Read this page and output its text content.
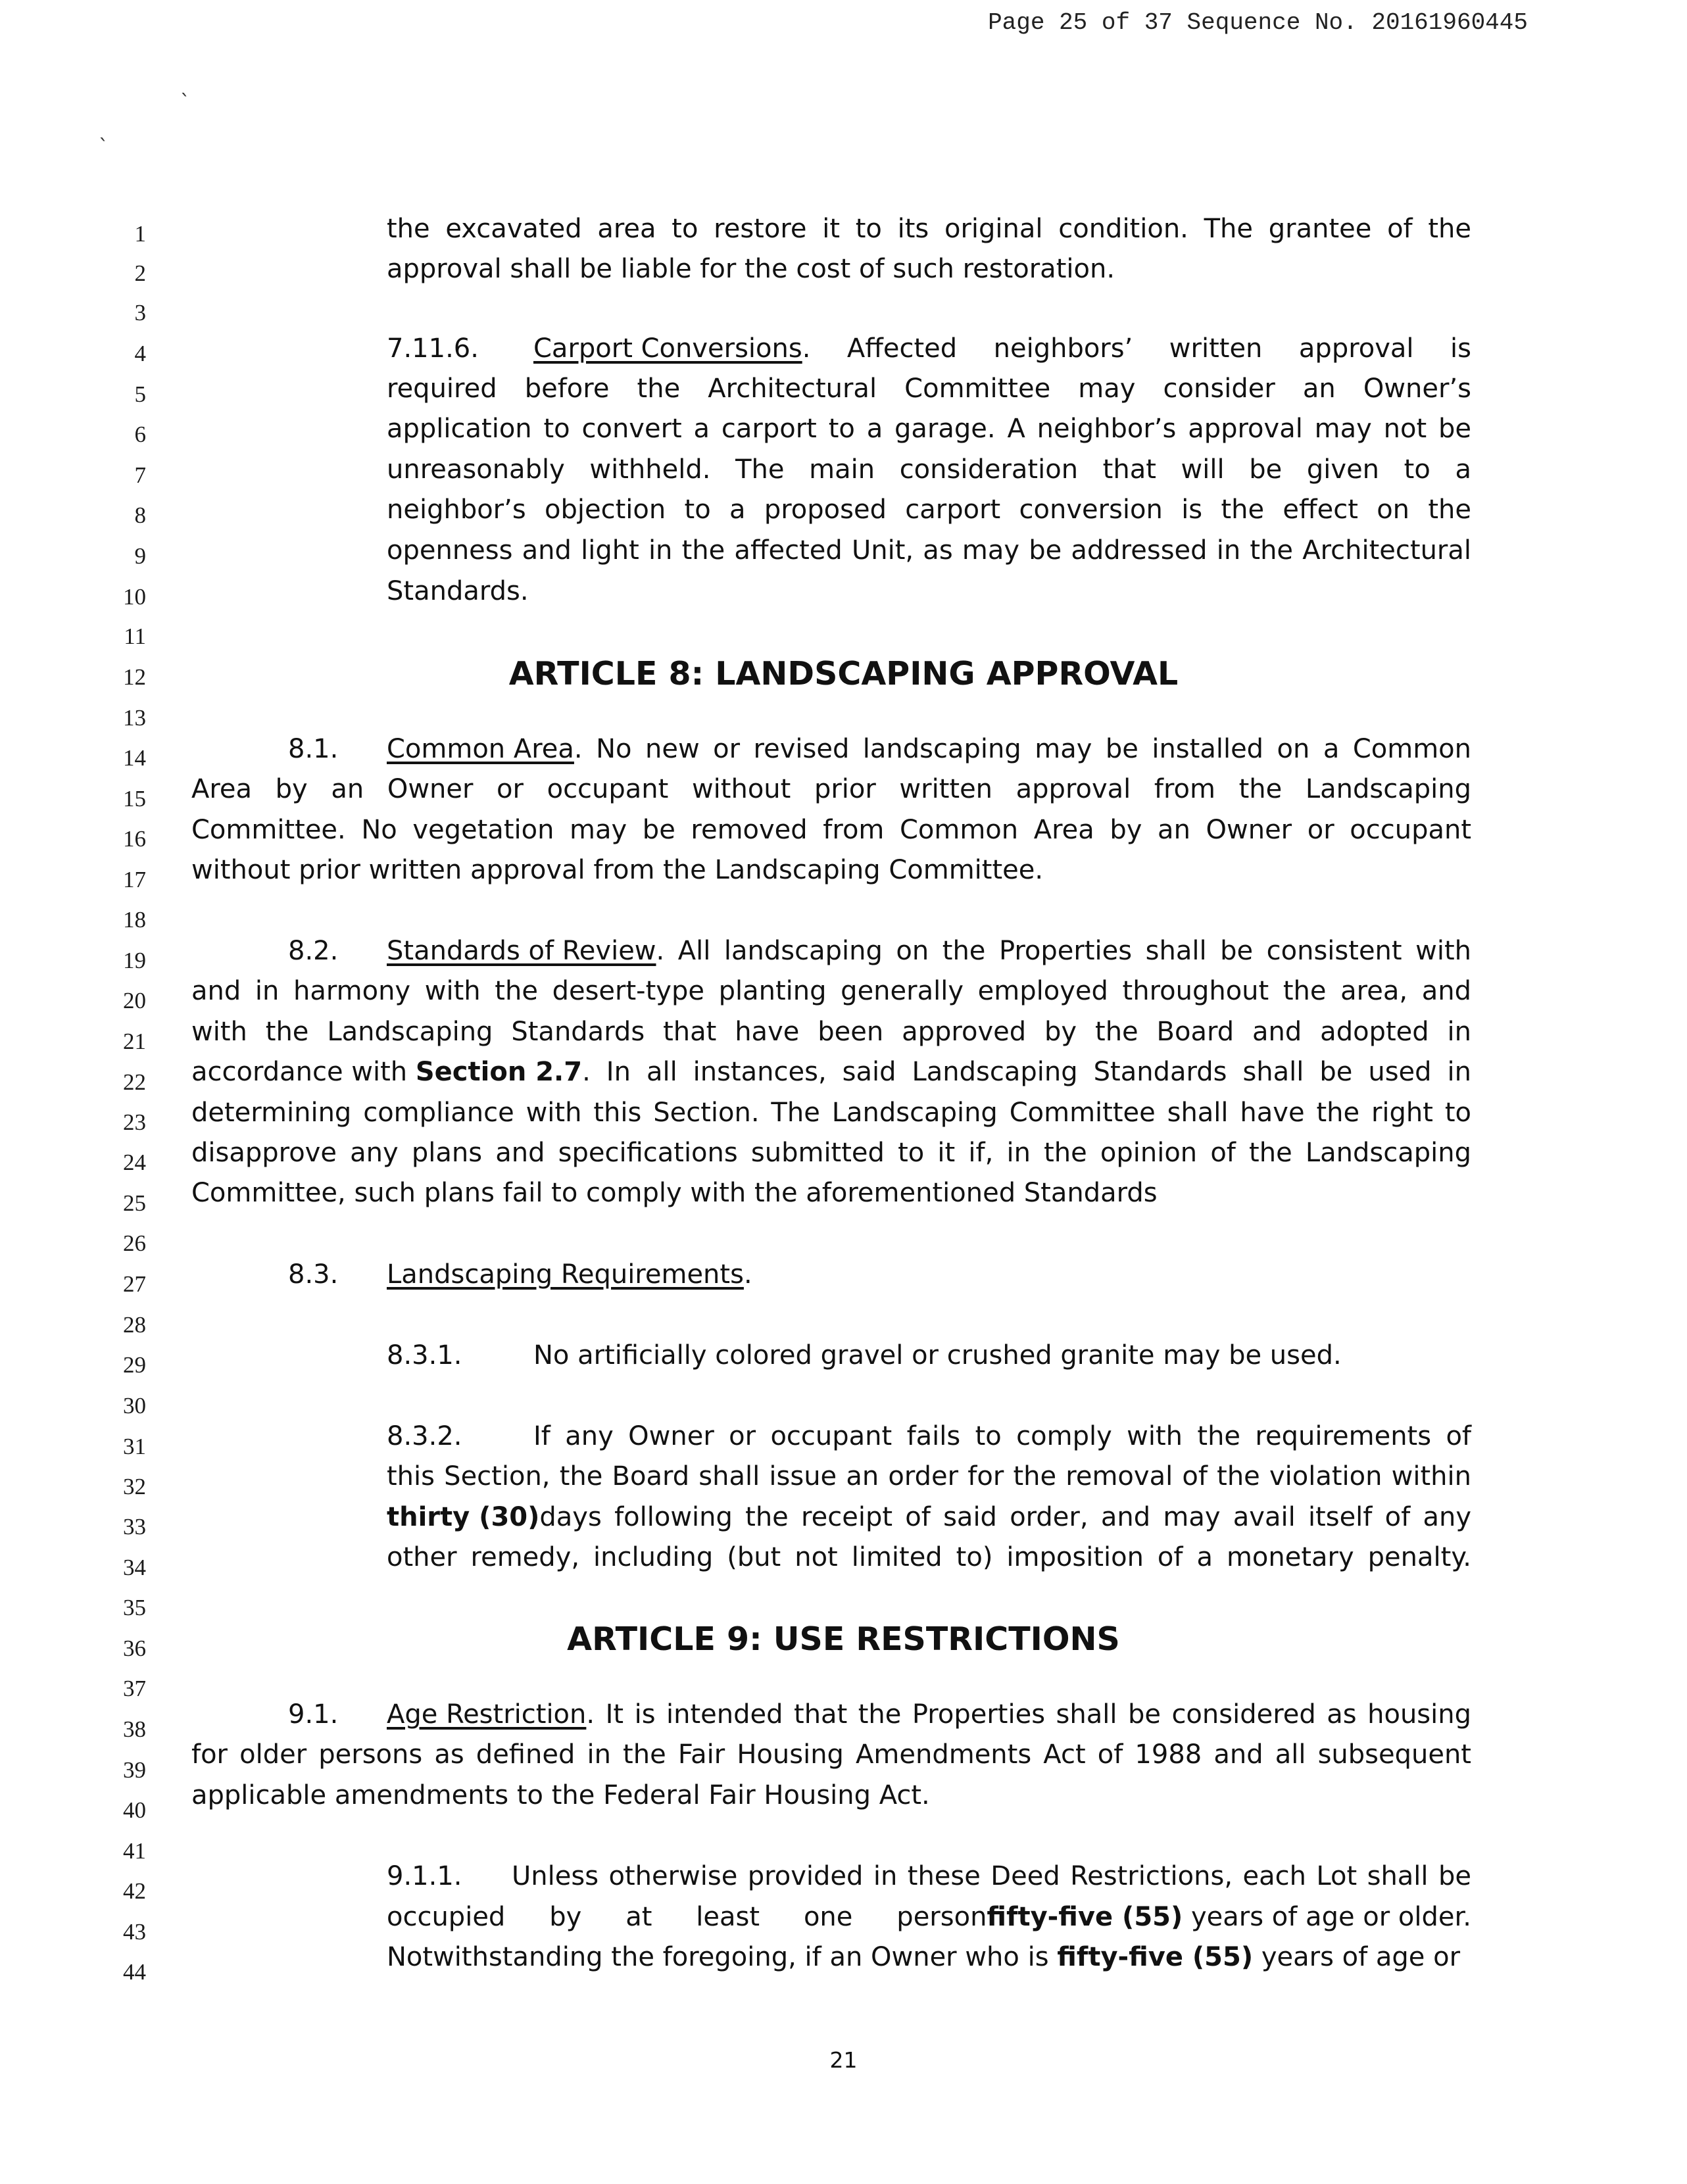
Page 25 of 37 Sequence No. 20161960445
`
`
1
2
3
4
5
6
7
8
9
10
11
12
13
14
15
16
17
18
19
20
21
22
23
24
25
26
27
28
29
30
31
32
33
34
35
36
37
38
39
40
41
42
43
44
the excavated area to restore it to its original condition. The grantee of the
approval shall be liable for the cost of such restoration.
7.11.6. Carport Conversions . Affected neighbors’ written approval is
required before the Architectural Committee may consider an Owner’s
application to convert a carport to a garage. A neighbor’s approval may not be
unreasonably withheld. The main consideration that will be given to a
neighbor’s objection to a proposed carport conversion is the effect on the
openness and light in the affected Unit, as may be addressed in the Architectural
Standards.
ARTICLE 8: LANDSCAPING APPROVAL
8.1. Common Area . No new or revised landscaping may be installed on a Common
Area by an Owner or occupant without prior written approval from the Landscaping
Committee. No vegetation may be removed from Common Area by an Owner or occupant
without prior written approval from the Landscaping Committee.
8.2. Standards of Review . All landscaping on the Properties shall be consistent with
and in harmony with the desert-type planting generally employed throughout the area, and
with the Landscaping Standards that have been approved by the Board and adopted in
accordance with Section 2.7 . In all instances, said Landscaping Standards shall be used in
determining compliance with this Section. The Landscaping Committee shall have the right to
disapprove any plans and specifications submitted to it if, in the opinion of the Landscaping
Committee, such plans fail to comply with the aforementioned Standards
8.3. Landscaping Requirements.
8.3.1.	No artificially colored gravel or crushed granite may be used.
8.3.2.	If any Owner or occupant fails to comply with the requirements of
this Section, the Board shall issue an order for the removal of the violation within
thirty (30) days following the receipt of said order, and may avail itself of any
other remedy, including (but not limited to) imposition of a monetary penalty.
ARTICLE 9: USE RESTRICTIONS
9.1. Age Restriction . It is intended that the Properties shall be considered as housing
for older persons as defined in the Fair Housing Amendments Act of 1988 and all subsequent
applicable amendments to the Federal Fair Housing Act.
9.1.1. Unless otherwise provided in these Deed Restrictions, each Lot shall be
occupied by at least one person fifty-five (55) years of age or older.
Notwithstanding the foregoing, if an Owner who is fifty-five (55) years of age or
21
